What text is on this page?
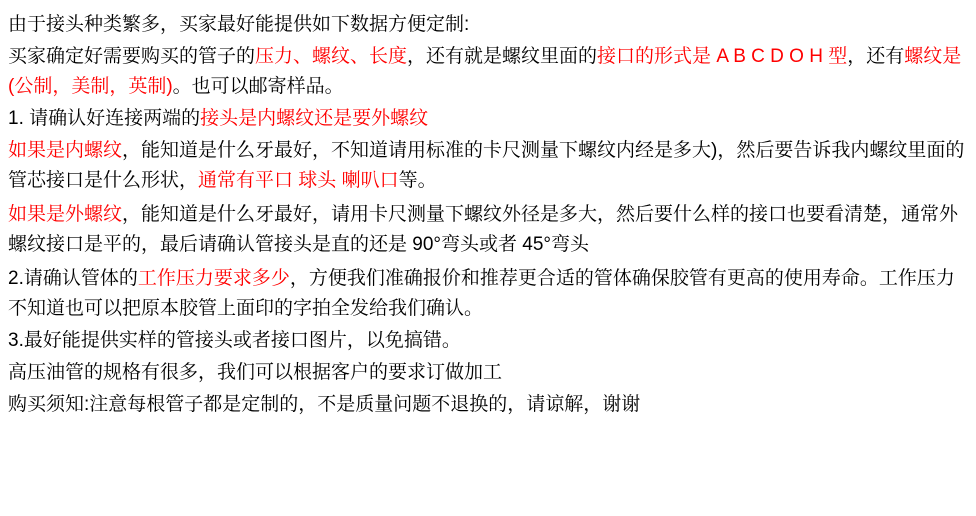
由于接头种类繁多，买家最好能提供如下数据方便定制:
买家确定好需要购买的管子的压力、螺纹、长度，还有就是螺纹里面的接口的形式是 A B C D O H 型，还有螺纹是(公制，美制，英制)。也可以邮寄样品。
1. 请确认好连接两端的接头是内螺纹还是要外螺纹
如果是内螺纹，能知道是什么牙最好，不知道请用标准的卡尺测量下螺纹内经是多大)，然后要告诉我内螺纹里面的管芯接口是什么形状，通常有平口 球头 喇叭口等。
如果是外螺纹，能知道是什么牙最好，请用卡尺测量下螺纹外径是多大，然后要什么样的接口也要看清楚，通常外螺纹接口是平的，最后请确认管接头是直的还是 90°弯头或者 45°弯头
2.请确认管体的工作压力要求多少，方便我们准确报价和推荐更合适的管体确保胶管有更高的使用寿命。工作压力不知道也可以把原本胶管上面印的字拍全发给我们确认。
3.最好能提供实样的管接头或者接口图片，以免搞错。
高压油管的规格有很多，我们可以根据客户的要求订做加工
购买须知:注意每根管子都是定制的，不是质量问题不退换的，请谅解，谢谢
